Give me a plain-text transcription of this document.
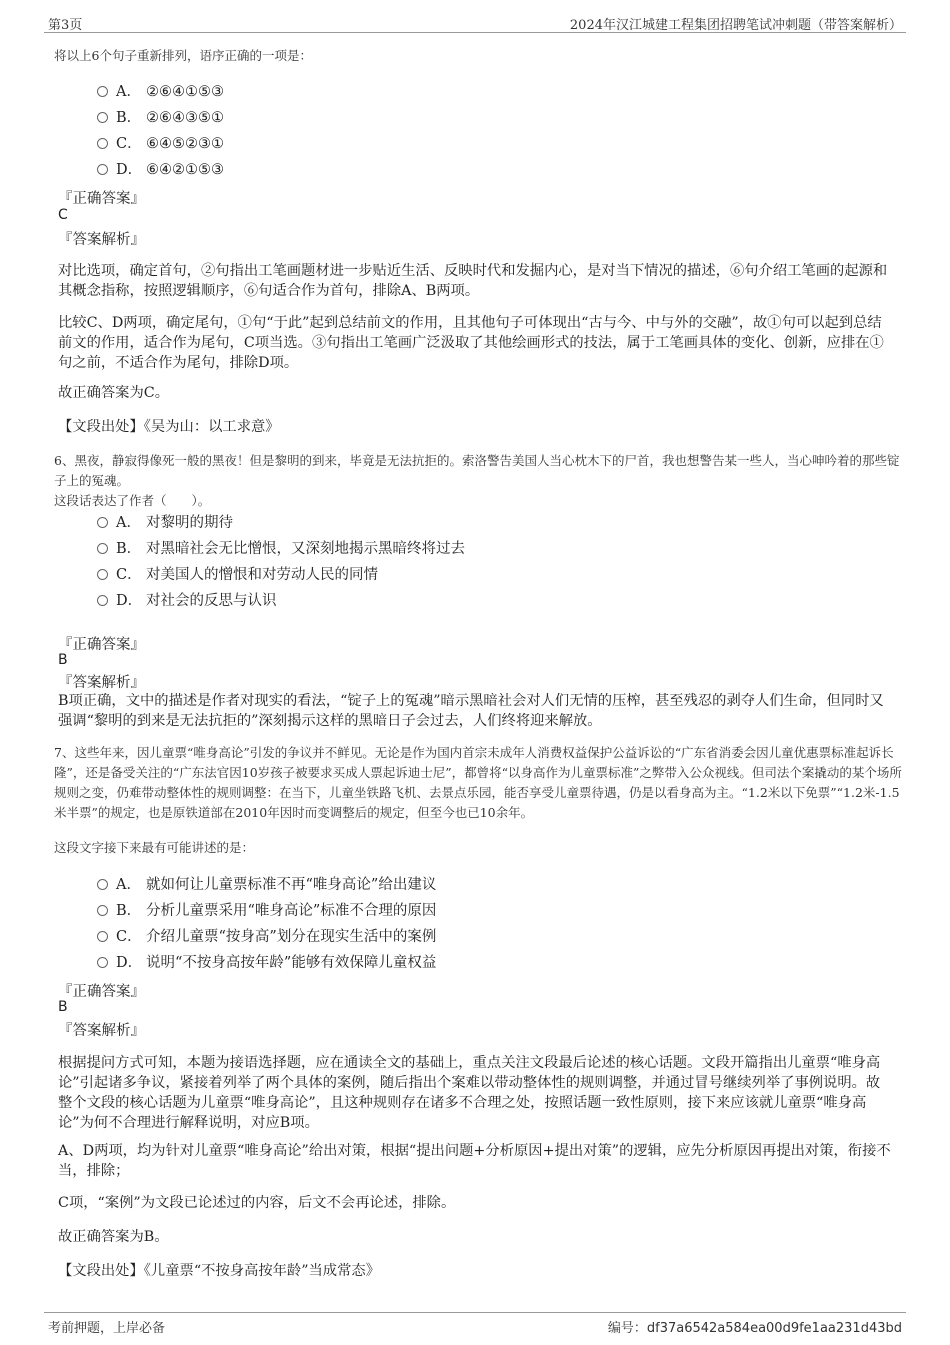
第3页	2024年汉江城建工程集团招聘笔试冲刺题（带答案解析）
将以上6个句子重新排列，语序正确的一项是：
A． ②⑥④①⑤③
B． ②⑥④③⑤①
C． ⑥④⑤②③①
D． ⑥④②①⑤③
『正确答案』
C
『答案解析』

对比选项，确定首句，②句指出工笔画题材进一步贴近生活、反映时代和发掘内心，是对当下情况的描述，⑥句介绍工笔画的起源和其概念指称，按照逻辑顺序，⑥句适合作为首句，排除A、B两项。

比较C、D两项，确定尾句，①句“于此”起到总结前文的作用，且其他句子可体现出“古与今、中与外的交融”，故①句可以起到总结前文的作用，适合作为尾句，C项当选。③句指出工笔画广泛汲取了其他绘画形式的技法，属于工笔画具体的变化、创新，应排在①句之前，不适合作为尾句，排除D项。

故正确答案为C。

【文段出处】《吴为山：以工求意》

6、黑夜，静寂得像死一般的黑夜！但是黎明的到来，毕竟是无法抗拒的。索洛警告美国人当心枕木下的尸首，我也想警告某一些人，当心呻吟着的那些锭子上的冤魂。

这段话表达了作者（　　）。
A． 对黎明的期待
B． 对黑暗社会无比憎恨，又深刻地揭示黑暗终将过去
C． 对美国人的憎恨和对劳动人民的同情
D． 对社会的反思与认识
『正确答案』
B
『答案解析』

B项正确，文中的描述是作者对现实的看法，“锭子上的冤魂”暗示黑暗社会对人们无情的压榨，甚至残忍的剥夺人们生命，但同时又强调“黎明的到来是无法抗拒的”深刻揭示这样的黑暗日子会过去，人们终将迎来解放。

7、这些年来，因儿童票“唯身高论”引发的争议并不鲜见。无论是作为国内首宗未成年人消费权益保护公益诉讼的“广东省消委会因儿童优惠票标准起诉长隆”，还是备受关注的“广东法官因10岁孩子被要求买成人票起诉迪士尼”，都曾将“以身高作为儿童票标准”之弊带入公众视线。但司法个案撬动的某个场所规则之变，仍难带动整体性的规则调整：在当下，儿童坐铁路飞机、去景点乐园，能否享受儿童票待遇，仍是以看身高为主。“1.2米以下免票”“1.2米-1.5米半票”的规定，也是原铁道部在2010年因时而变调整后的规定，但至今也已10余年。

这段文字接下来最有可能讲述的是：
A． 就如何让儿童票标准不再“唯身高论”给出建议
B． 分析儿童票采用“唯身高论”标准不合理的原因
C． 介绍儿童票“按身高”划分在现实生活中的案例
D． 说明“不按身高按年龄”能够有效保障儿童权益
『正确答案』
B
『答案解析』

根据提问方式可知，本题为接语选择题，应在通读全文的基础上，重点关注文段最后论述的核心话题。文段开篇指出儿童票“唯身高论”引起诸多争议，紧接着列举了两个具体的案例，随后指出个案难以带动整体性的规则调整，并通过冒号继续列举了事例说明。故整个文段的核心话题为儿童票“唯身高论”，且这种规则存在诸多不合理之处，按照话题一致性原则，接下来应该就儿童票“唯身高论”为何不合理进行解释说明，对应B项。

A、D两项，均为针对儿童票“唯身高论”给出对策，根据“提出问题+分析原因+提出对策”的逻辑，应先分析原因再提出对策，衔接不当，排除；

C项，“案例”为文段已论述过的内容，后文不会再论述，排除。

故正确答案为B。

【文段出处】《儿童票“不按身高按年龄”当成常态》

考前押题，上岸必备	编号：df37a6542a584ea00d9fe1aa231d43bd
